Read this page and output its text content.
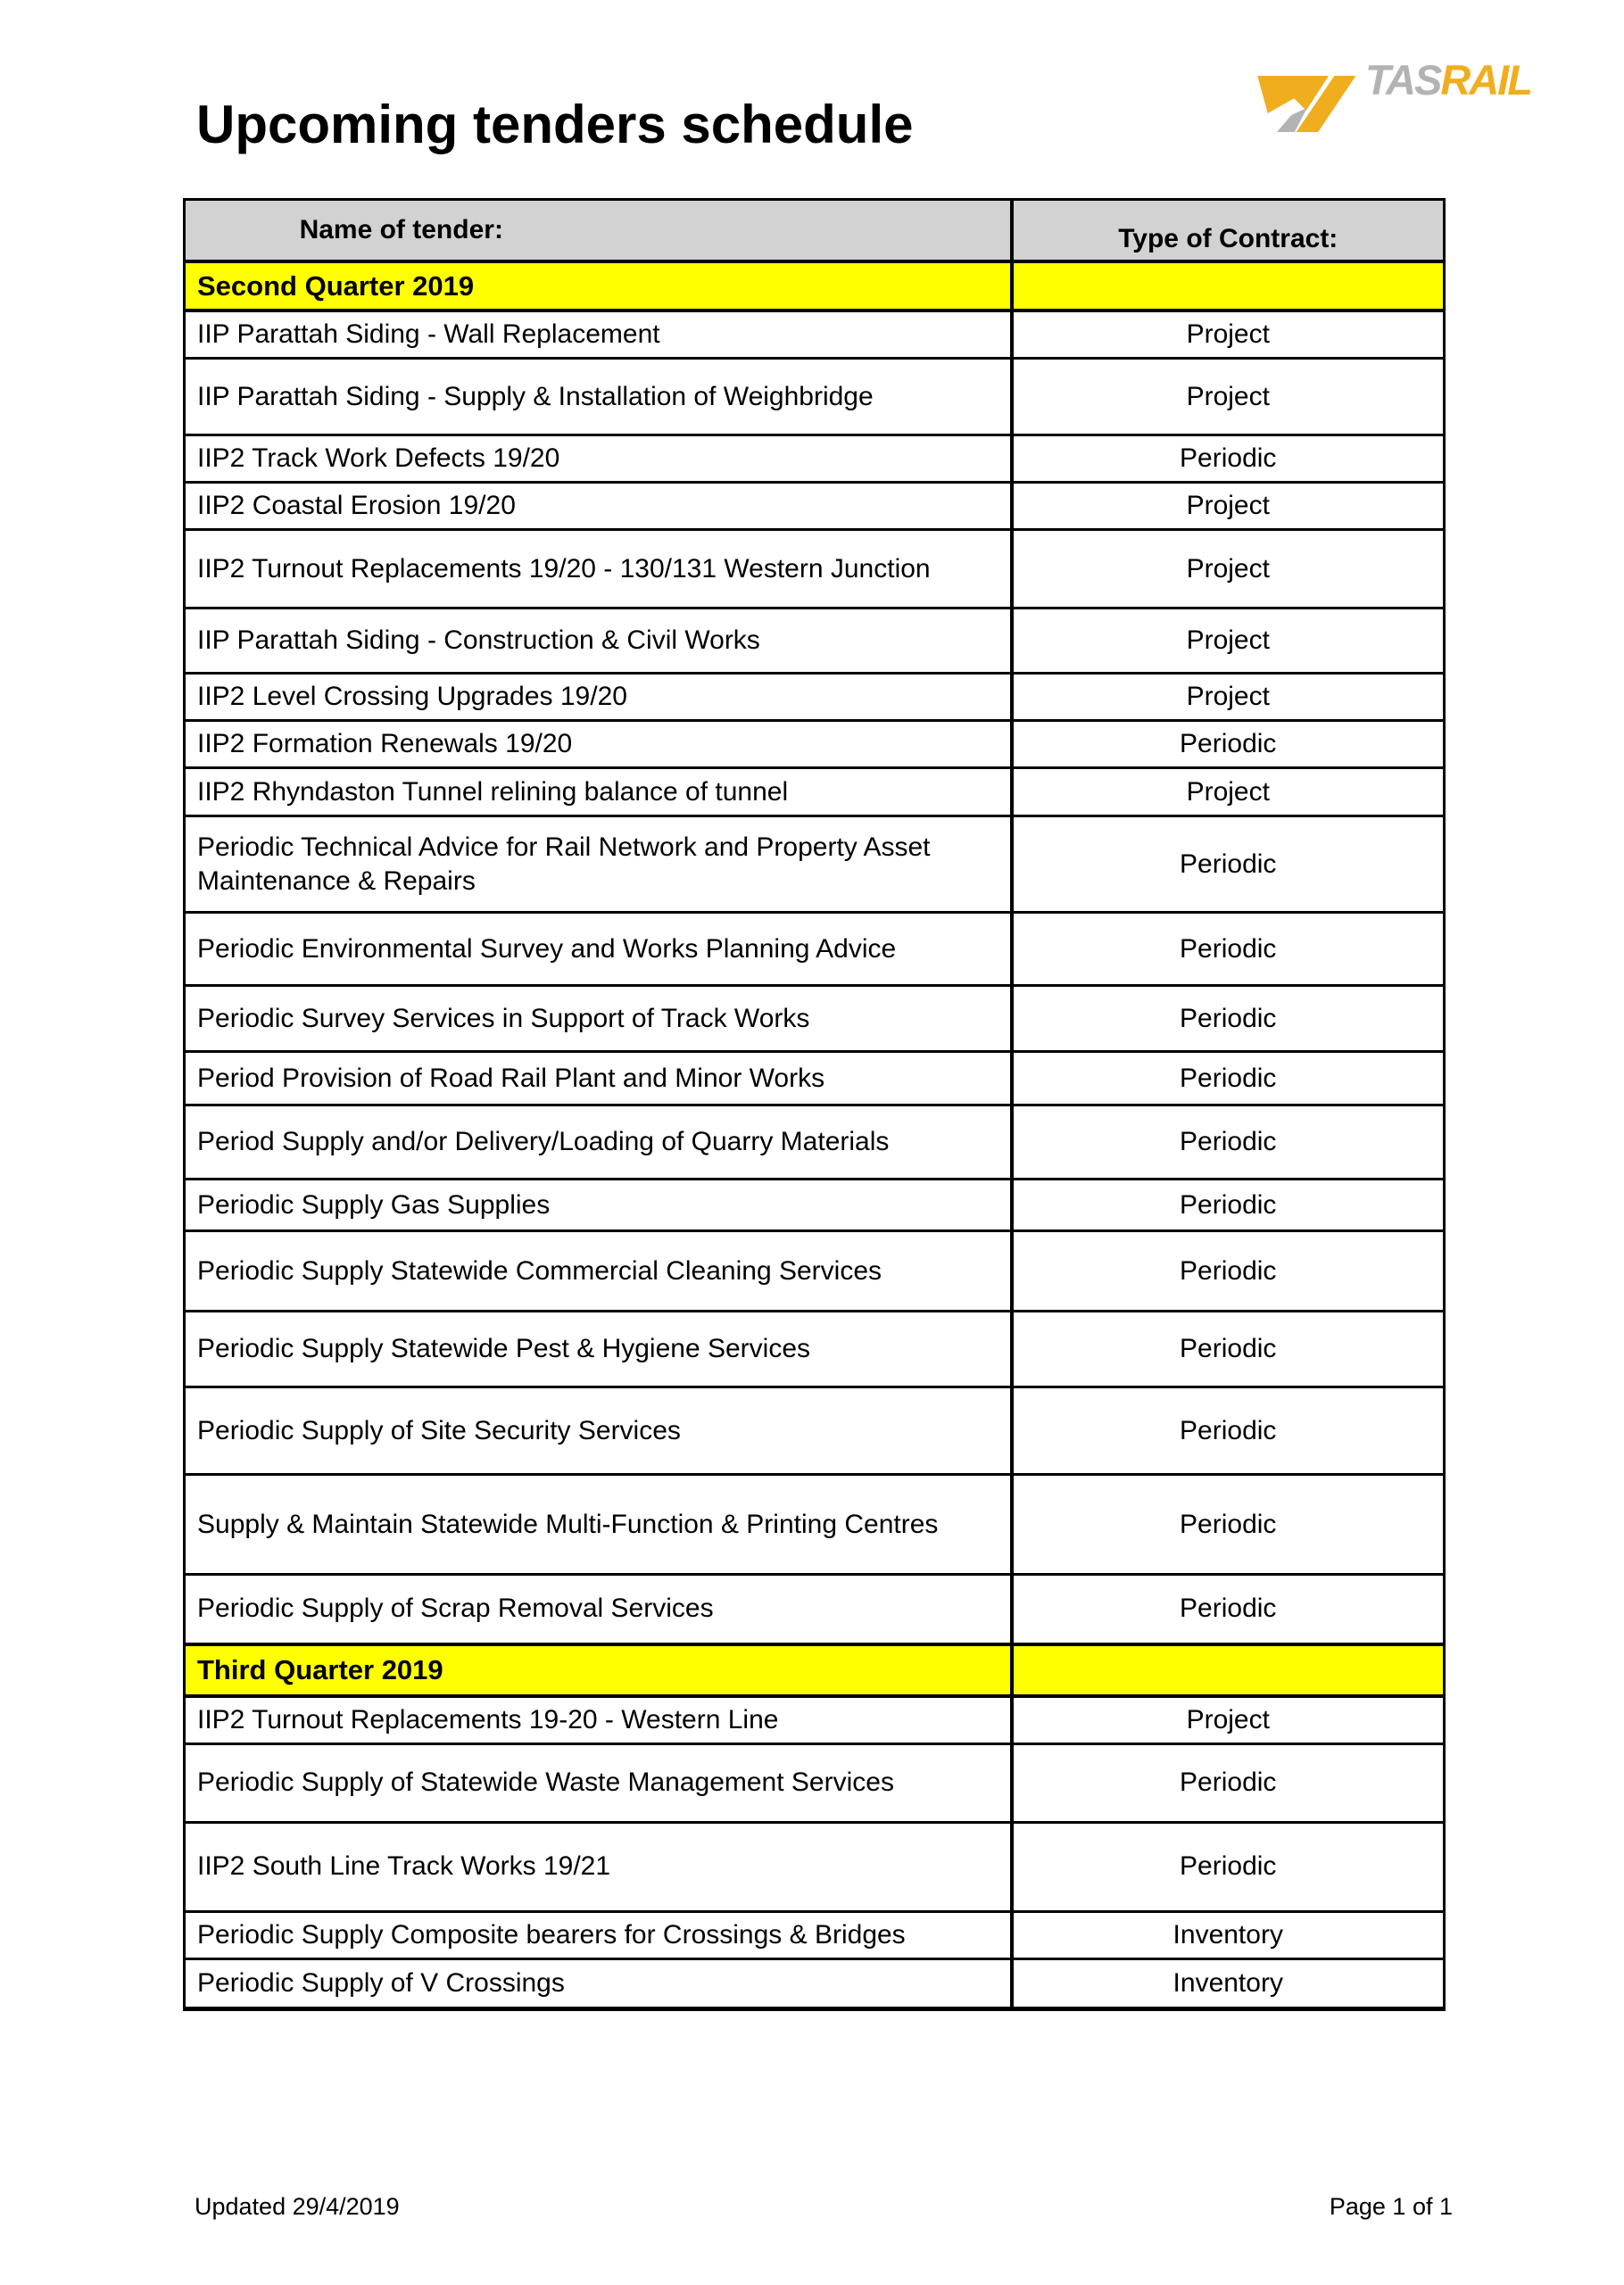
Upcoming tenders schedule
TASRAIL
Name of tender:	Type of Contract:
Second Quarter 2019	
IIP Parattah Siding - Wall Replacement	Project
IIP Parattah Siding - Supply & Installation of Weighbridge	Project
IIP2 Track Work Defects 19/20	Periodic
IIP2 Coastal Erosion 19/20	Project
IIP2 Turnout Replacements 19/20 - 130/131 Western Junction	Project
IIP Parattah Siding - Construction & Civil Works	Project
IIP2 Level Crossing Upgrades 19/20	Project
IIP2 Formation Renewals 19/20	Periodic
IIP2 Rhyndaston Tunnel relining balance of tunnel	Project
Periodic Technical Advice for Rail Network and Property Asset Maintenance & Repairs	Periodic
Periodic Environmental Survey and Works Planning Advice	Periodic
Periodic Survey Services in Support of Track Works	Periodic
Period Provision of Road Rail Plant and Minor Works	Periodic
Period Supply and/or Delivery/Loading of Quarry Materials	Periodic
Periodic Supply Gas Supplies	Periodic
Periodic Supply Statewide Commercial Cleaning Services	Periodic
Periodic Supply Statewide Pest & Hygiene Services	Periodic
Periodic Supply of Site Security Services	Periodic
Supply & Maintain Statewide Multi-Function & Printing Centres	Periodic
Periodic Supply of Scrap Removal Services	Periodic
Third Quarter 2019	
IIP2 Turnout Replacements 19-20 - Western Line	Project
Periodic Supply of Statewide Waste Management Services	Periodic
IIP2 South Line Track Works 19/21	Periodic
Periodic Supply Composite bearers for Crossings & Bridges	Inventory
Periodic Supply of V Crossings	Inventory
Updated 29/4/2019	Page 1 of 1
